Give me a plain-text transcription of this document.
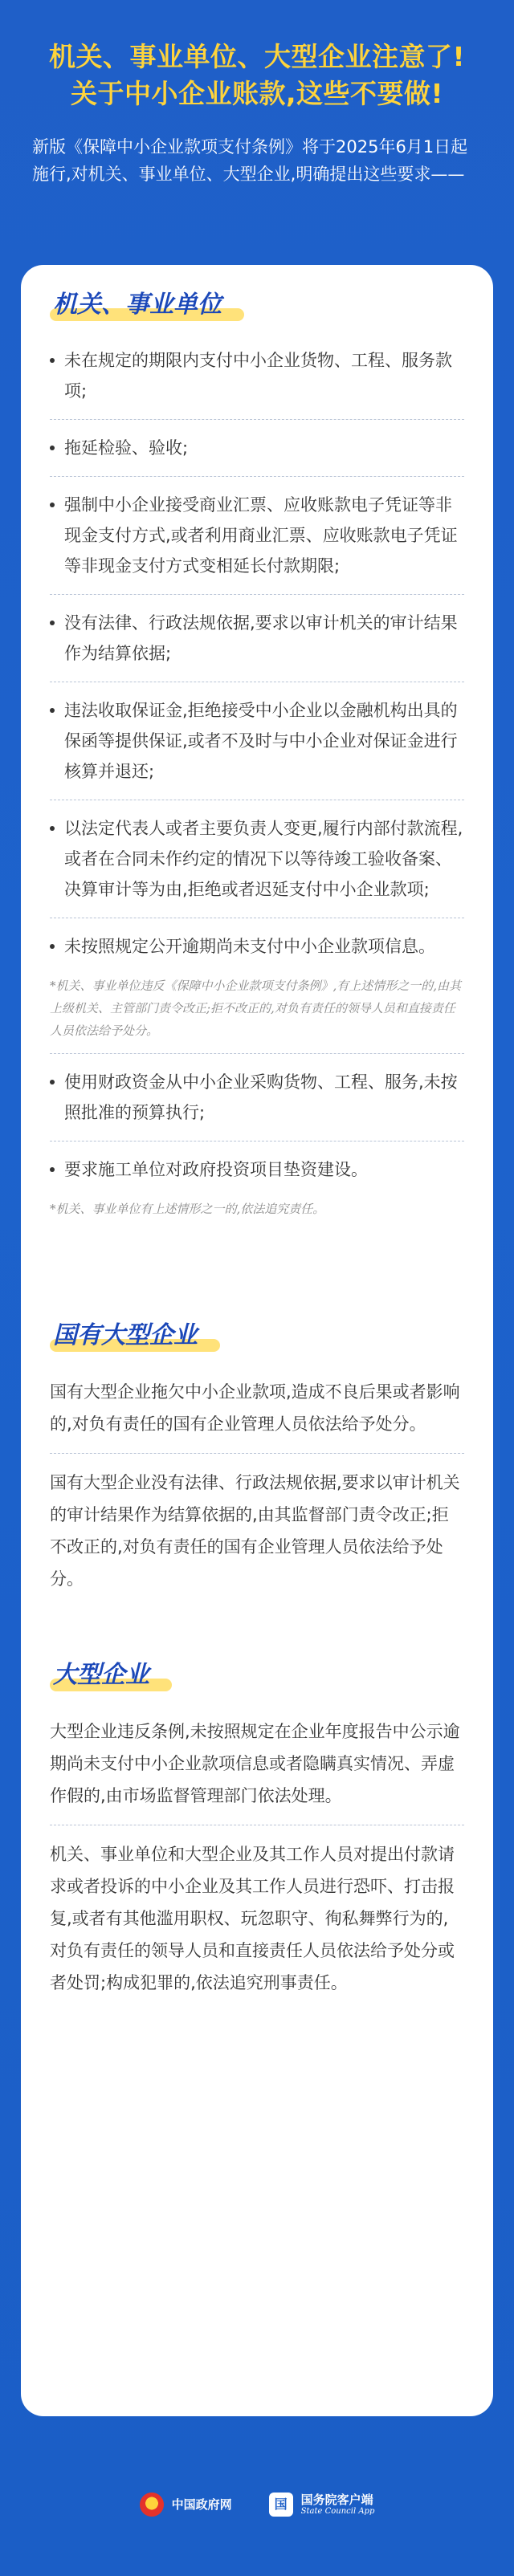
机关、事业单位、大型企业注意了!
关于中小企业账款,这些不要做!
新版《保障中小企业款项支付条例》将于2025年6月1日起施行,对机关、事业单位、大型企业,明确提出这些要求——
机关、事业单位
未在规定的期限内支付中小企业货物、工程、服务款项;
拖延检验、验收;
强制中小企业接受商业汇票、应收账款电子凭证等非现金支付方式,或者利用商业汇票、应收账款电子凭证等非现金支付方式变相延长付款期限;
没有法律、行政法规依据,要求以审计机关的审计结果作为结算依据;
违法收取保证金,拒绝接受中小企业以金融机构出具的保函等提供保证,或者不及时与中小企业对保证金进行核算并退还;
以法定代表人或者主要负责人变更,履行内部付款流程,或者在合同未作约定的情况下以等待竣工验收备案、决算审计等为由,拒绝或者迟延支付中小企业款项;
未按照规定公开逾期尚未支付中小企业款项信息。
*机关、事业单位违反《保障中小企业款项支付条例》,有上述情形之一的,由其上级机关、主管部门责令改正;拒不改正的,对负有责任的领导人员和直接责任人员依法给予处分。
使用财政资金从中小企业采购货物、工程、服务,未按照批准的预算执行;
要求施工单位对政府投资项目垫资建设。
*机关、事业单位有上述情形之一的,依法追究责任。
国有大型企业
国有大型企业拖欠中小企业款项,造成不良后果或者影响的,对负有责任的国有企业管理人员依法给予处分。
国有大型企业没有法律、行政法规依据,要求以审计机关的审计结果作为结算依据的,由其监督部门责令改正;拒不改正的,对负有责任的国有企业管理人员依法给予处分。
大型企业
大型企业违反条例,未按照规定在企业年度报告中公示逾期尚未支付中小企业款项信息或者隐瞒真实情况、弄虚作假的,由市场监督管理部门依法处理。
机关、事业单位和大型企业及其工作人员对提出付款请求或者投诉的中小企业及其工作人员进行恐吓、打击报复,或者有其他滥用职权、玩忽职守、徇私舞弊行为的,对负有责任的领导人员和直接责任人员依法给予处分或者处罚;构成犯罪的,依法追究刑事责任。
中国政府网
国	国务院客户端
State Council App
